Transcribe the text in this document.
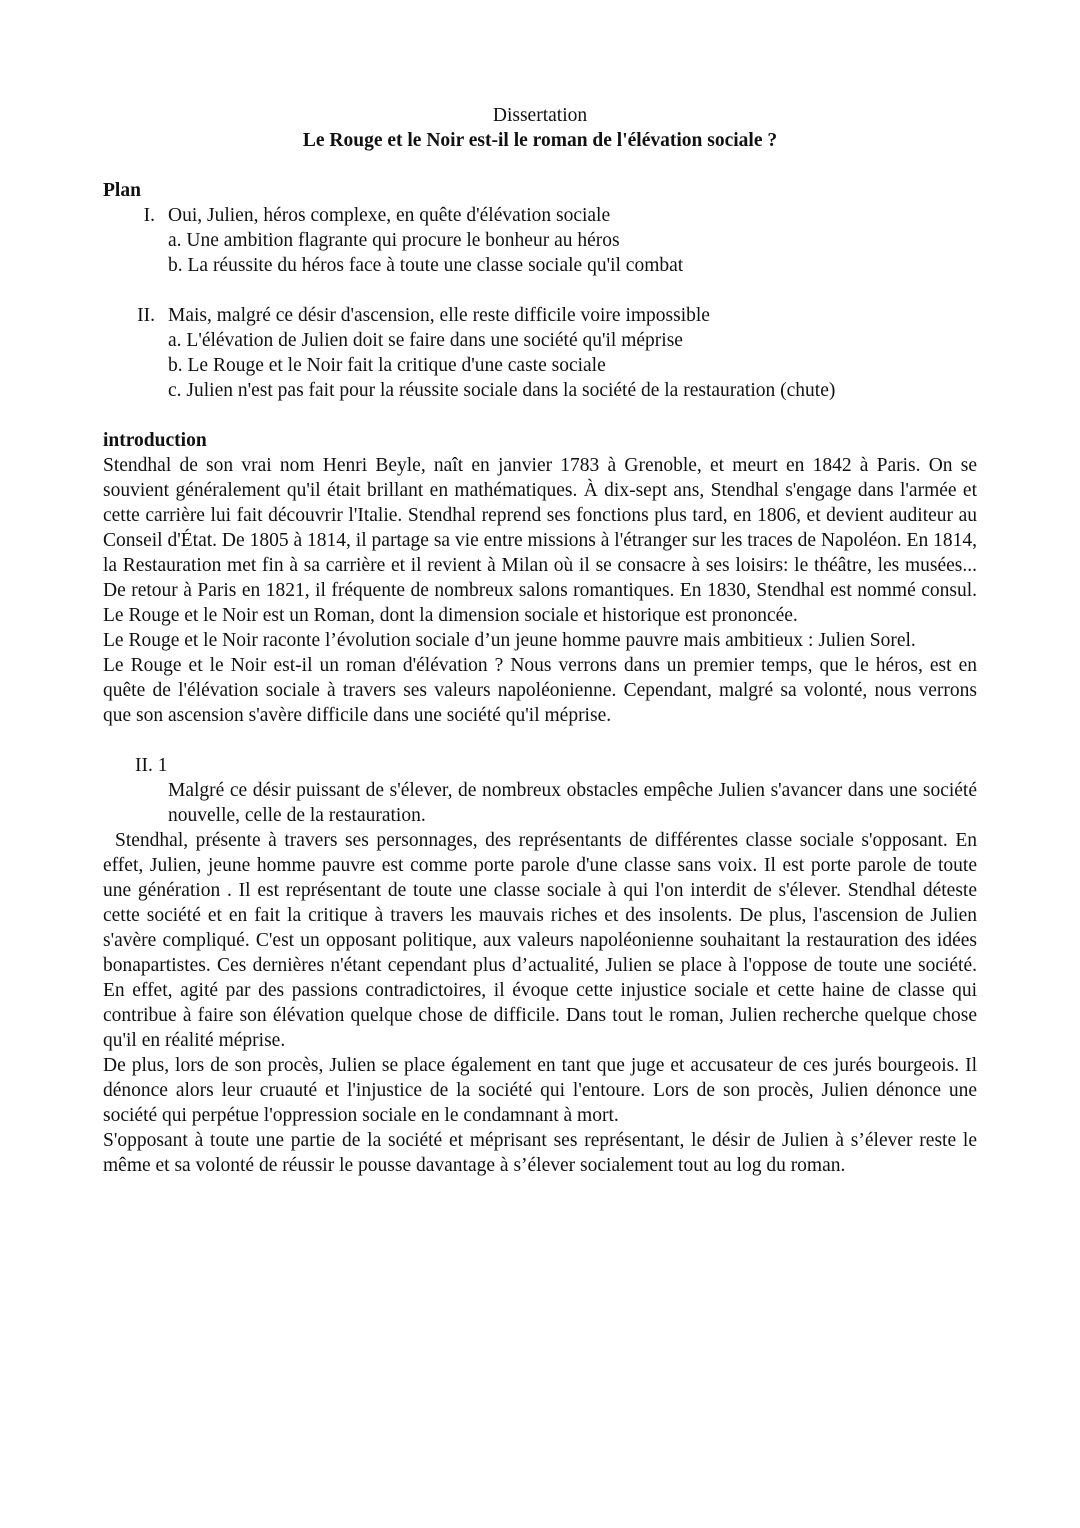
Dissertation
Le Rouge et le Noir est-il le roman de l'élévation sociale ?
Plan
I. Oui, Julien, héros complexe, en quête d'élévation sociale
a. Une ambition flagrante qui procure le bonheur au héros
b. La réussite du héros face à toute une classe sociale qu'il combat
II. Mais, malgré ce désir d'ascension, elle reste difficile voire impossible
a. L'élévation de Julien doit se faire dans une société qu'il méprise
b. Le Rouge et le Noir fait la critique d'une caste sociale
c. Julien n'est pas fait pour la réussite sociale dans la société de la restauration (chute)
introduction

Stendhal de son vrai nom Henri Beyle, naît en janvier 1783 à Grenoble, et meurt en 1842 à Paris. On se souvient généralement qu'il était brillant en mathématiques. À dix-sept ans, Stendhal s'engage dans l'armée et cette carrière lui fait découvrir l'Italie. Stendhal reprend ses fonctions plus tard, en 1806, et devient auditeur au Conseil d'État. De 1805 à 1814, il partage sa vie entre missions à l'étranger sur les traces de Napoléon. En 1814, la Restauration met fin à sa carrière et il revient à Milan où il se consacre à ses loisirs: le théâtre, les musées... De retour à Paris en 1821, il fréquente de nombreux salons romantiques. En 1830, Stendhal est nommé consul. Le Rouge et le Noir est un Roman, dont la dimension sociale et historique est prononcée.

Le Rouge et le Noir raconte l’évolution sociale d’un jeune homme pauvre mais ambitieux : Julien Sorel.

Le Rouge et le Noir est-il un roman d'élévation ? Nous verrons dans un premier temps, que le héros, est en quête de l'élévation sociale à travers ses valeurs napoléonienne. Cependant, malgré sa volonté, nous verrons que son ascension s'avère difficile dans une société qu'il méprise.

II. 1

Malgré ce désir puissant de s'élever, de nombreux obstacles empêche Julien s'avancer dans une société nouvelle, celle de la restauration.

Stendhal, présente à travers ses personnages, des représentants de différentes classe sociale s'opposant. En effet, Julien, jeune homme pauvre est comme porte parole d'une classe sans voix. Il est porte parole de toute une génération . Il est représentant de toute une classe sociale à qui l'on interdit de s'élever. Stendhal déteste cette société et en fait la critique à travers les mauvais riches et des insolents. De plus, l'ascension de Julien s'avère compliqué. C'est un opposant politique, aux valeurs napoléonienne souhaitant la restauration des idées bonapartistes. Ces dernières n'étant cependant plus d’actualité, Julien se place à l'oppose de toute une société. En effet, agité par des passions contradictoires, il évoque cette injustice sociale et cette haine de classe qui contribue à faire son élévation quelque chose de difficile. Dans tout le roman, Julien recherche quelque chose qu'il en réalité méprise.

De plus, lors de son procès, Julien se place également en tant que juge et accusateur de ces jurés bourgeois. Il dénonce alors leur cruauté et l'injustice de la société qui l'entoure. Lors de son procès, Julien dénonce une société qui perpétue l'oppression sociale en le condamnant à mort.

S'opposant à toute une partie de la société et méprisant ses représentant, le désir de Julien à s’élever reste le même et sa volonté de réussir le pousse davantage à s’élever socialement tout au log du roman.
